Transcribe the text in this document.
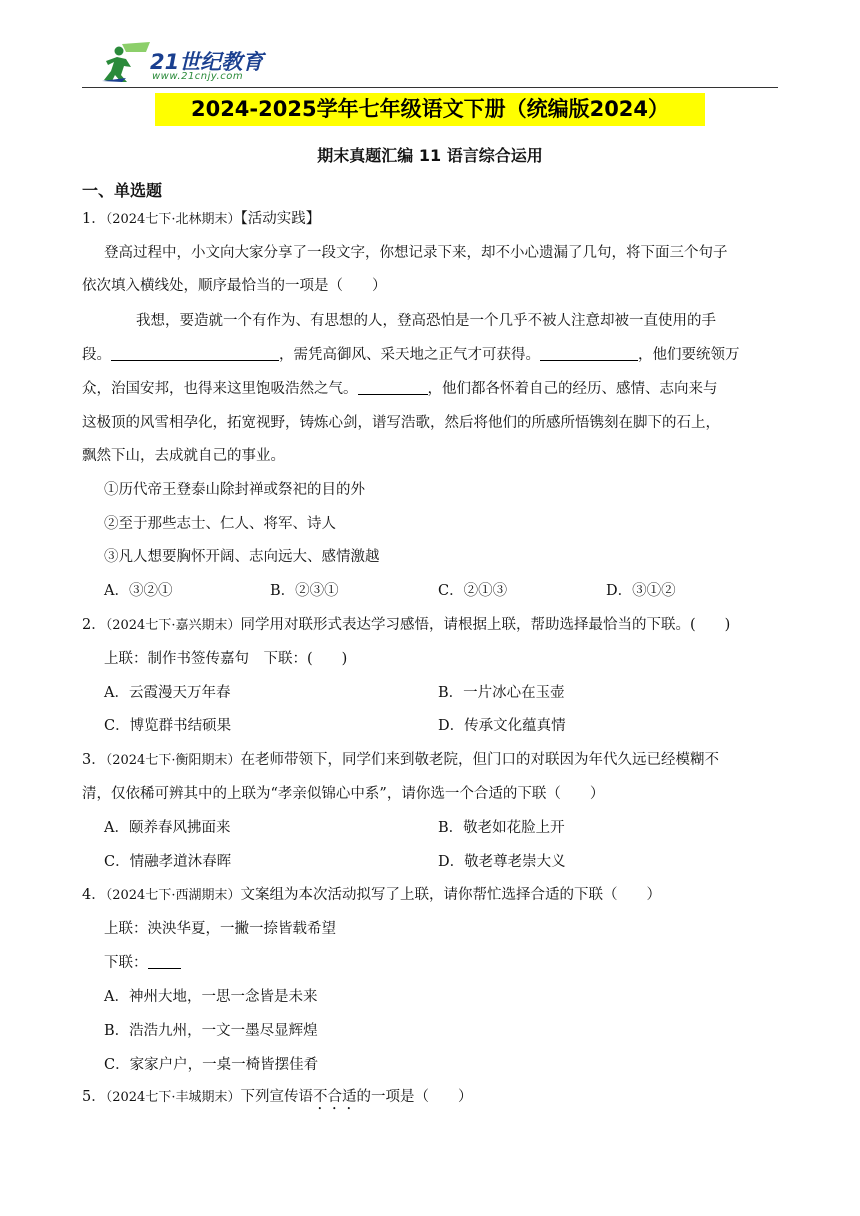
21世纪教育
www.21cnjy.com
2024-2025学年七年级语文下册（统编版2024）
期末真题汇编 11 语言综合运用
一、单选题
1．（2024七下·北林期末）【活动实践】
登高过程中，小文向大家分享了一段文字，你想记录下来，却不小心遗漏了几句，将下面三个句子
依次填入横线处，顺序最恰当的一项是（　　）
我想，要造就一个有作为、有思想的人，登高恐怕是一个几乎不被人注意却被一直使用的手
段。	，需凭高御风、采天地之正气才可获得。	，他们要统领万
众，治国安邦，也得来这里饱吸浩然之气。	，他们都各怀着自己的经历、感情、志向来与
这极顶的风雪相孕化，拓宽视野，铸炼心剑，谱写浩歌，然后将他们的所感所悟镌刻在脚下的石上，
飘然下山，去成就自己的事业。
①历代帝王登泰山除封禅或祭祀的目的外
②至于那些志士、仁人、将军、诗人
③凡人想要胸怀开阔、志向远大、感情激越
A．③②①	B．②③①	C．②①③	D．③①②
2．（2024七下·嘉兴期末）同学用对联形式表达学习感悟，请根据上联，帮助选择最恰当的下联。(　　)
上联：制作书签传嘉句　下联：(　　)
A．云霞漫天万年春	B．一片冰心在玉壶
C．博览群书结硕果	D．传承文化蕴真情
3．（2024七下·衡阳期末）在老师带领下，同学们来到敬老院，但门口的对联因为年代久远已经模糊不
清，仅依稀可辨其中的上联为“孝亲似锦心中系”，请你选一个合适的下联（　　）
A．颐养春风拂面来	B．敬老如花脸上开
C．情融孝道沐春晖	D．敬老尊老崇大义
4．（2024七下·西湖期末）文案组为本次活动拟写了上联，请你帮忙选择合适的下联（　　）
上联：泱泱华夏，一撇一捺皆载希望
下联：
A．神州大地，一思一念皆是未来
B．浩浩九州，一文一墨尽显辉煌
C．家家户户，一桌一椅皆摆佳肴
5．（2024七下·丰城期末）下列宣传语不合适的一项是（　　）
